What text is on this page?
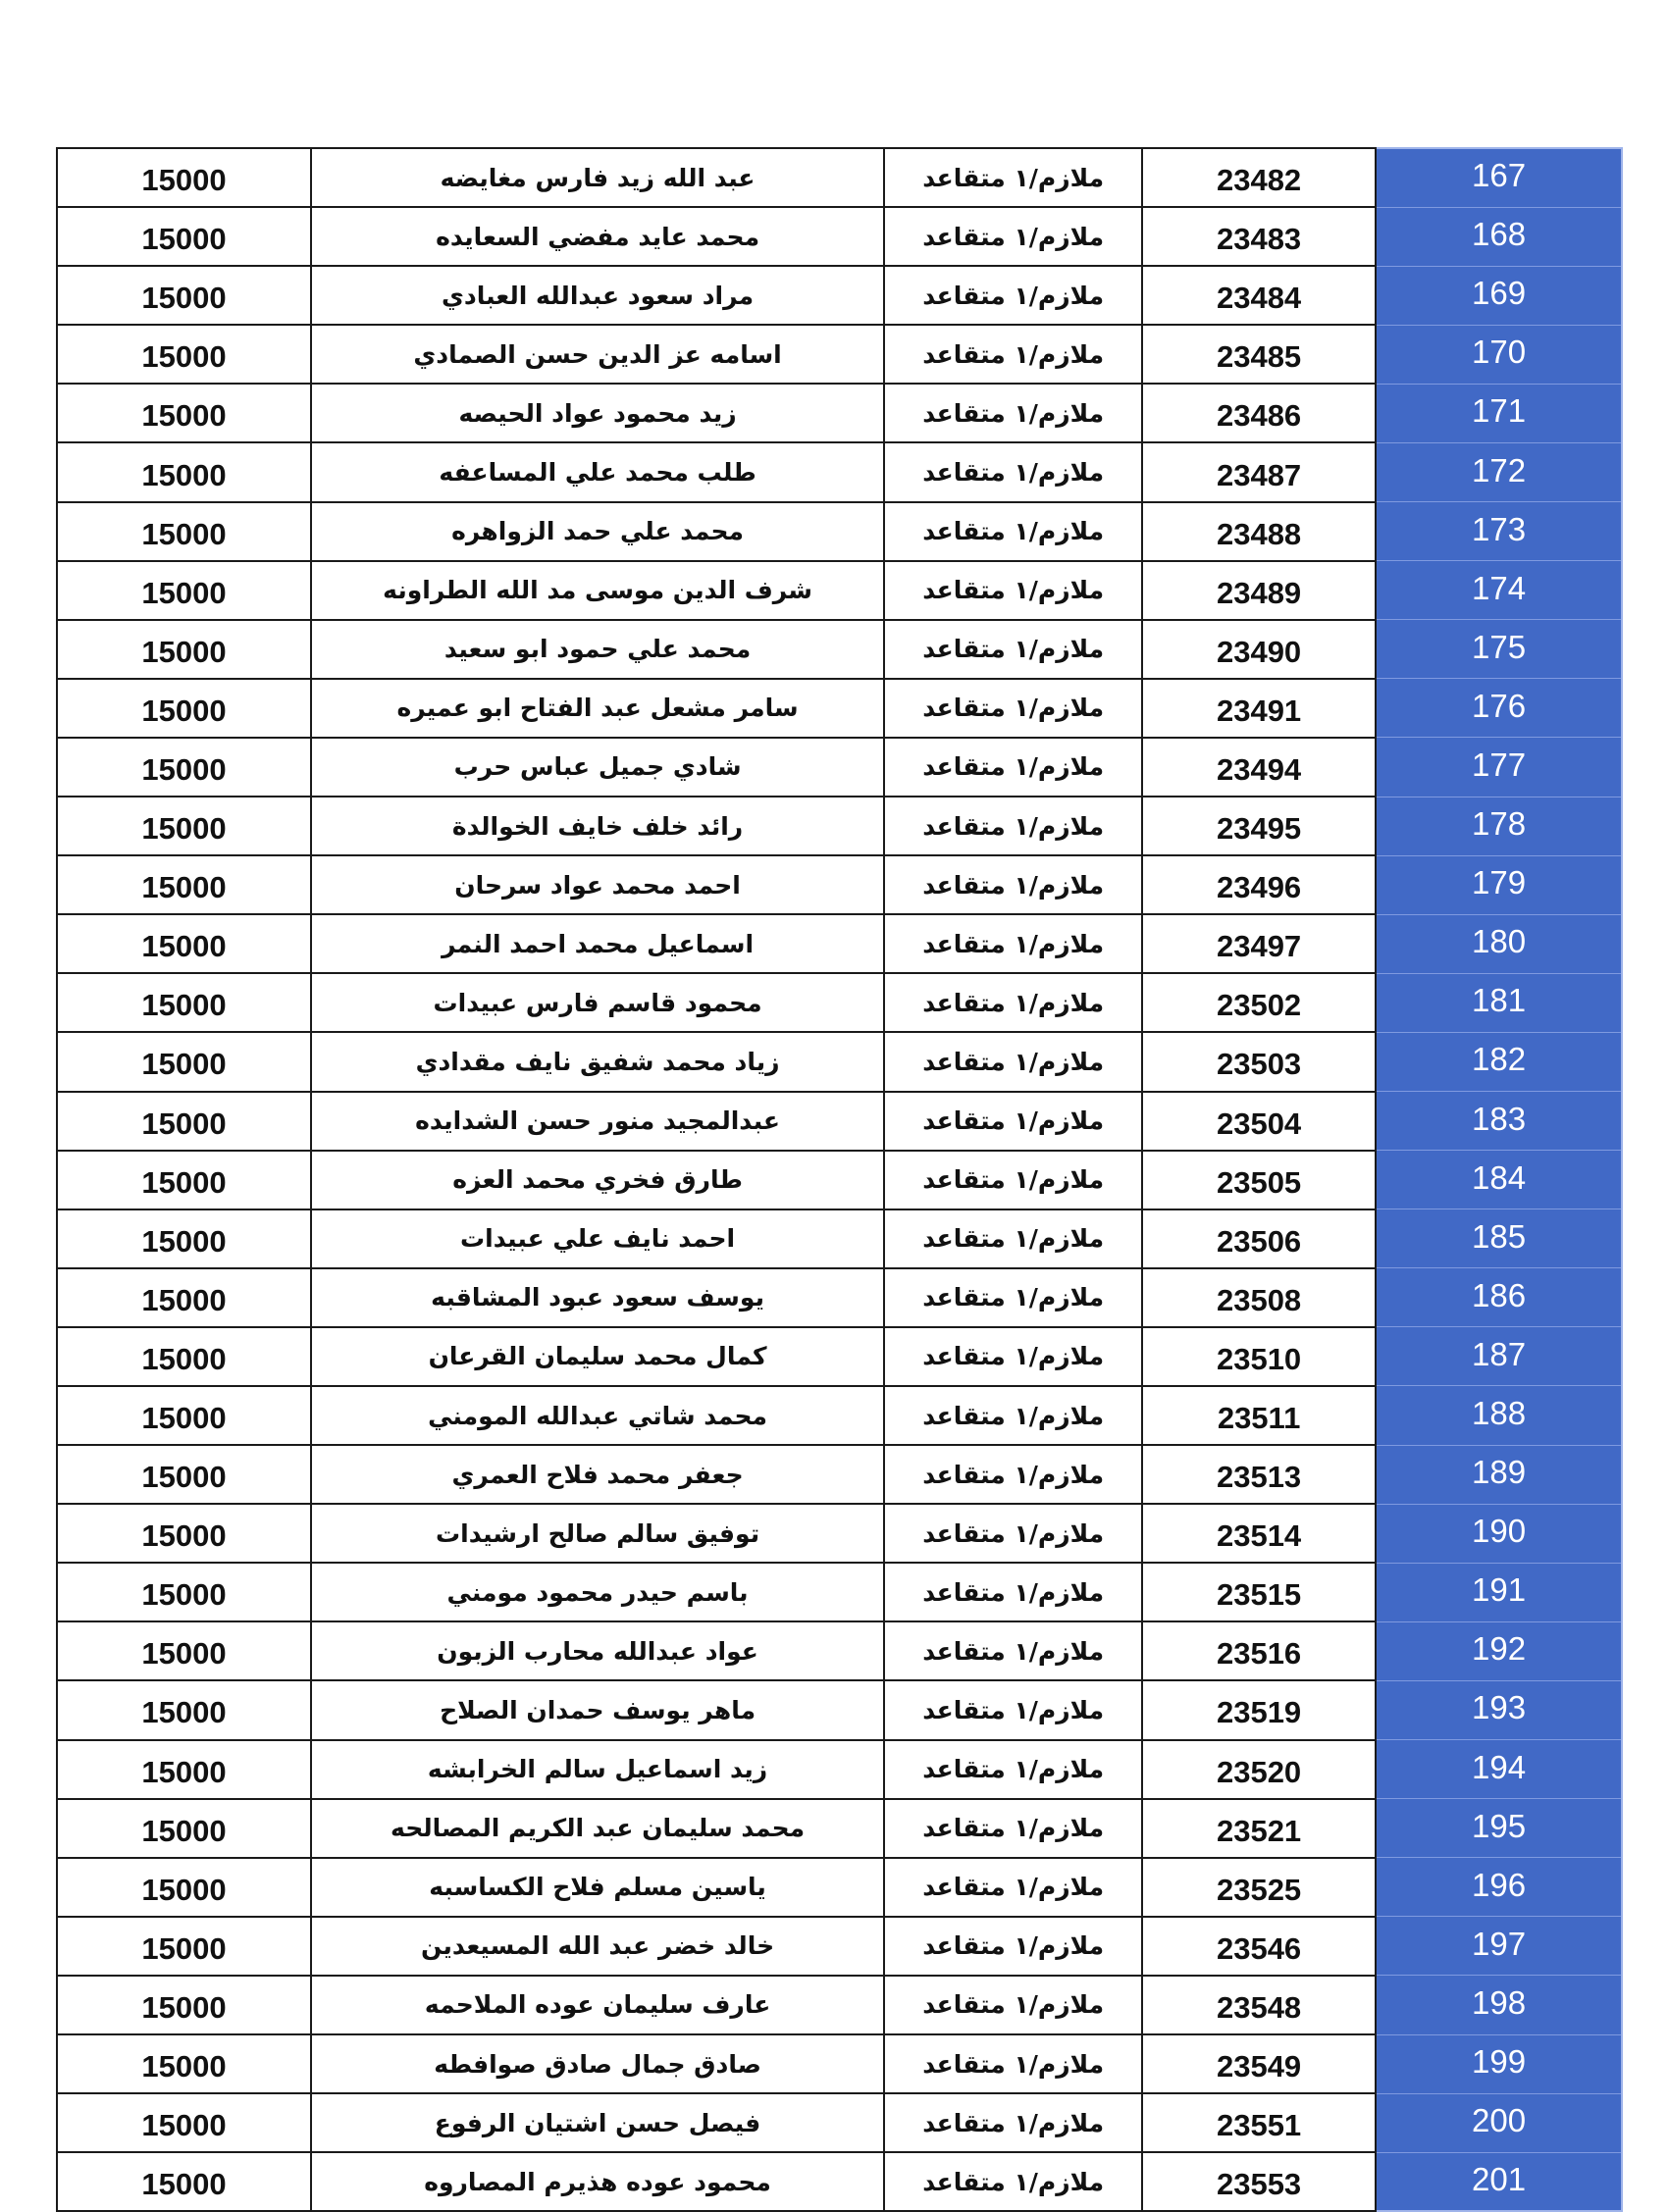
15000	عبد الله زيد فارس مغايضه	ملازم/١ متقاعد	23482	167
15000	محمد عايد مفضي السعايده	ملازم/١ متقاعد	23483	168
15000	مراد سعود عبدالله العبادي	ملازم/١ متقاعد	23484	169
15000	اسامه عز الدين حسن الصمادي	ملازم/١ متقاعد	23485	170
15000	زيد محمود عواد الحيصه	ملازم/١ متقاعد	23486	171
15000	طلب محمد علي المساعفه	ملازم/١ متقاعد	23487	172
15000	محمد علي حمد الزواهره	ملازم/١ متقاعد	23488	173
15000	شرف الدين موسى مد الله الطراونه	ملازم/١ متقاعد	23489	174
15000	محمد علي حمود ابو سعيد	ملازم/١ متقاعد	23490	175
15000	سامر مشعل عبد الفتاح ابو عميره	ملازم/١ متقاعد	23491	176
15000	شادي جميل عباس حرب	ملازم/١ متقاعد	23494	177
15000	رائد خلف خايف الخوالدة	ملازم/١ متقاعد	23495	178
15000	احمد محمد عواد سرحان	ملازم/١ متقاعد	23496	179
15000	اسماعيل محمد احمد النمر	ملازم/١ متقاعد	23497	180
15000	محمود قاسم فارس عبيدات	ملازم/١ متقاعد	23502	181
15000	زياد محمد شفيق نايف مقدادي	ملازم/١ متقاعد	23503	182
15000	عبدالمجيد منور حسن الشدايده	ملازم/١ متقاعد	23504	183
15000	طارق فخري محمد العزه	ملازم/١ متقاعد	23505	184
15000	احمد نايف علي عبيدات	ملازم/١ متقاعد	23506	185
15000	يوسف سعود عبود المشاقبه	ملازم/١ متقاعد	23508	186
15000	كمال محمد سليمان القرعان	ملازم/١ متقاعد	23510	187
15000	محمد شاتي عبدالله المومني	ملازم/١ متقاعد	23511	188
15000	جعفر محمد فلاح العمري	ملازم/١ متقاعد	23513	189
15000	توفيق سالم صالح ارشيدات	ملازم/١ متقاعد	23514	190
15000	باسم حيدر محمود مومني	ملازم/١ متقاعد	23515	191
15000	عواد عبدالله محارب الزبون	ملازم/١ متقاعد	23516	192
15000	ماهر يوسف حمدان الصلاح	ملازم/١ متقاعد	23519	193
15000	زيد اسماعيل سالم الخرابشه	ملازم/١ متقاعد	23520	194
15000	محمد سليمان عبد الكريم المصالحه	ملازم/١ متقاعد	23521	195
15000	ياسين مسلم فلاح الكساسبه	ملازم/١ متقاعد	23525	196
15000	خالد خضر عبد الله المسيعدين	ملازم/١ متقاعد	23546	197
15000	عارف سليمان عوده الملاحمه	ملازم/١ متقاعد	23548	198
15000	صادق جمال صادق صوافطه	ملازم/١ متقاعد	23549	199
15000	فيصل حسن اشتيان الرفوع	ملازم/١ متقاعد	23551	200
15000	محمود عوده هذيرم المصاروه	ملازم/١ متقاعد	23553	201
